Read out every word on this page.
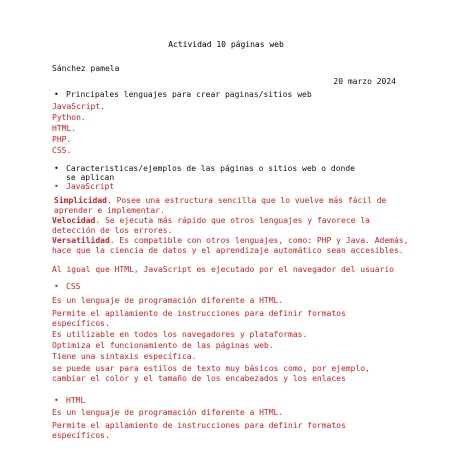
Actividad 10 páginas web
Sánchez pamela
20 marzo 2024
• Principales lenguajes para crear paginas/sitios web
JavaScript.
Python.
HTML.
PHP.
CSS.
• Caracteristicas/ejemplos de las páginas o sitios web o donde
se aplican
• JavaScript
Simplicidad. Posee una estructura sencilla que lo vuelve más fácil de aprender e implementar.
Velocidad. Se ejecuta más rápido que otros lenguajes y favorece la detección de los errores.
Versatilidad. Es compatible con otros lenguajes, como: PHP y Java. Además, hace que la ciencia de datos y el aprendizaje automático sean accesibles.
Al igual que HTML, JavaScript es ejecutado por el navegador del usuario
• CSS
Es un lenguaje de programación diferente a HTML.
Permite el apilamiento de instrucciones para definir formatos específicos.
Es utilizable en todos los navegadores y plataformas.
Optimiza el funcionamiento de las páginas web.
Tiene una sintaxis específica.
se puede usar para estilos de texto muy básicos como, por ejemplo, cambiar el color y el tamaño de los encabezados y los enlaces
• HTML
Es un lenguaje de programación diferente a HTML.
Permite el apilamiento de instrucciones para definir formatos específicos.
